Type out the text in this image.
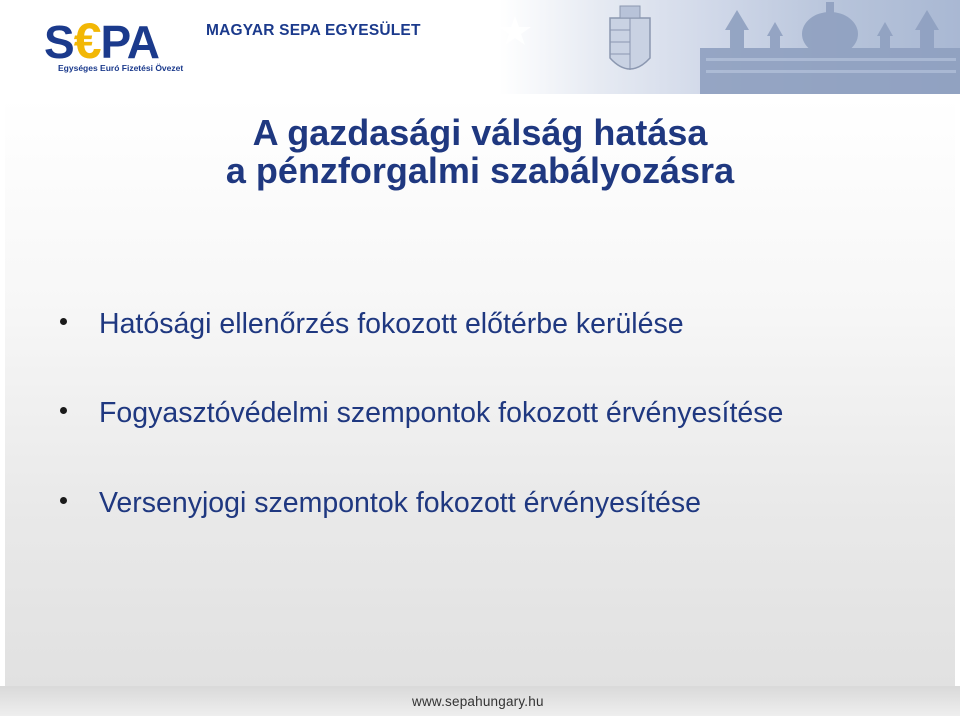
S€PA
Egységes Euró Fizetési Övezet
MAGYAR SEPA EGYESÜLET
A gazdasági válság hatása
a pénzforgalmi szabályozásra
Hatósági ellenőrzés fokozott előtérbe kerülése
Fogyasztóvédelmi szempontok fokozott érvényesítése
Versenyjogi szempontok fokozott érvényesítése
www.sepahungary.hu
